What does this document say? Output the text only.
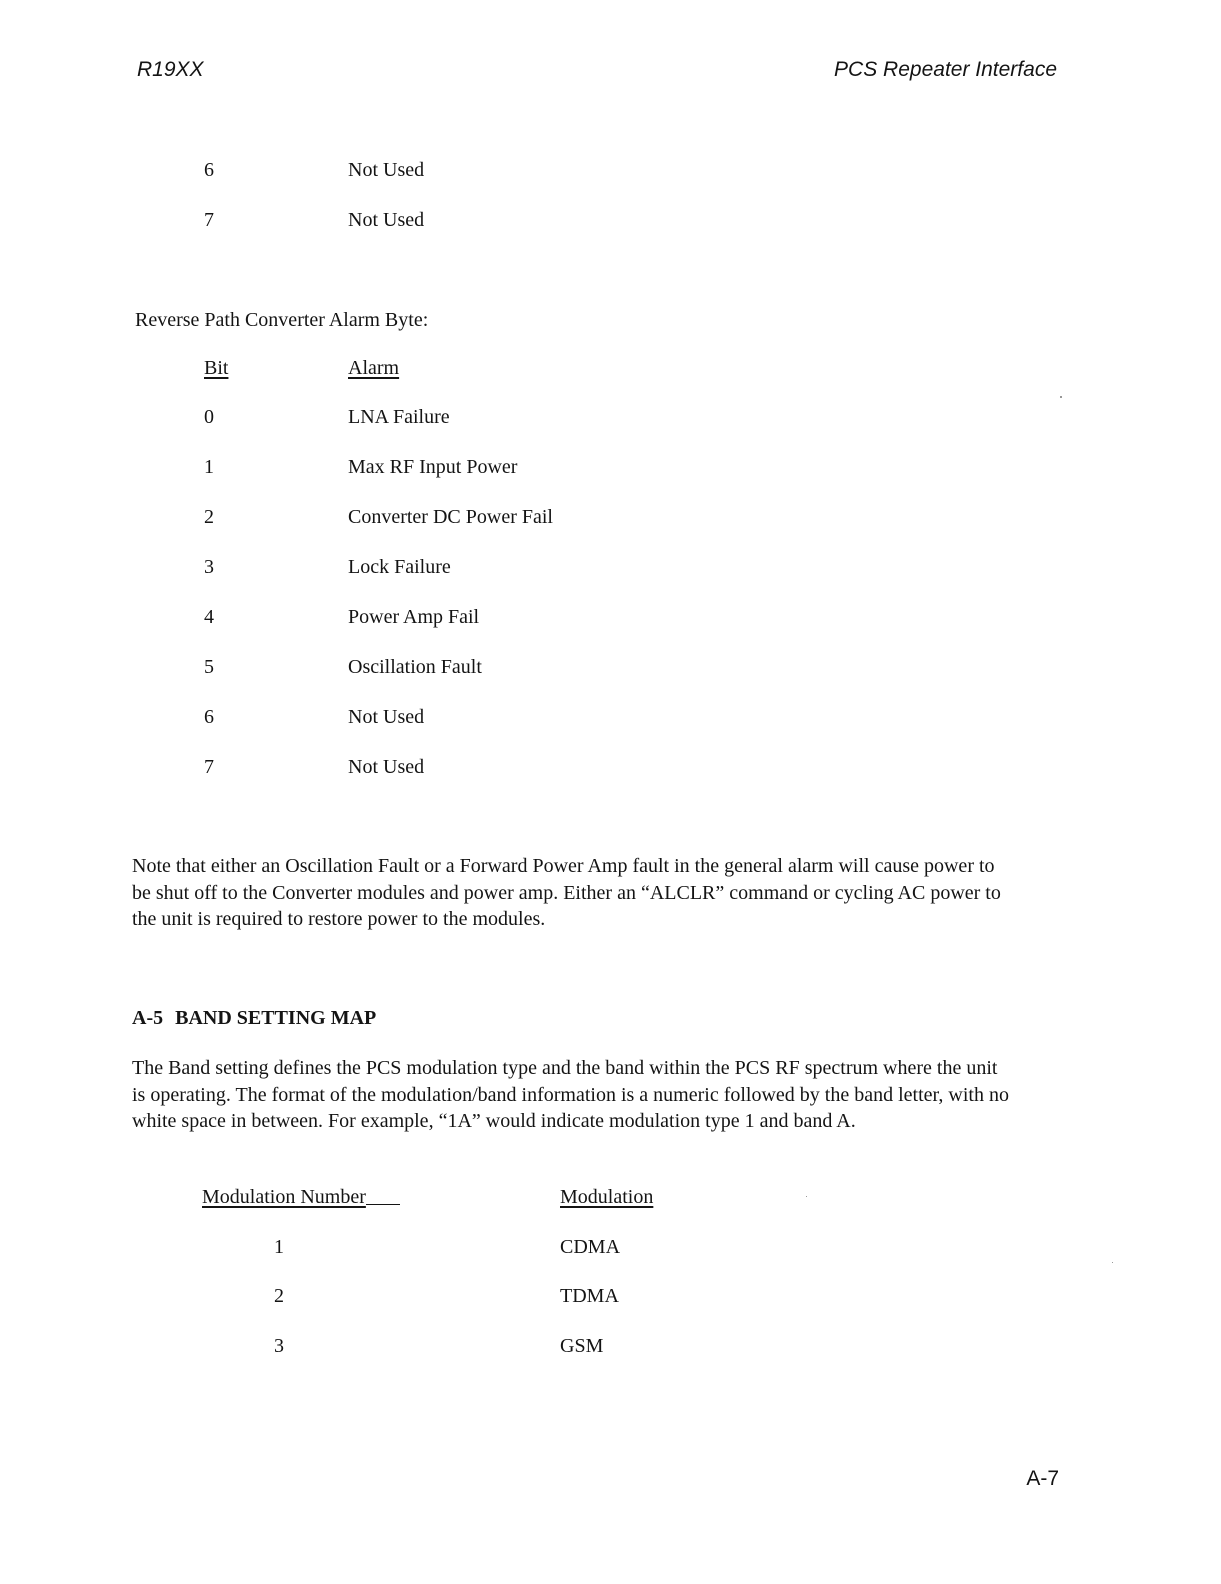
R19XX	PCS Repeater Interface
6	Not Used
7	Not Used
Reverse Path Converter Alarm Byte:
Bit	Alarm
0	LNA Failure
1	Max RF Input Power
2	Converter DC Power Fail
3	Lock Failure
4	Power Amp Fail
5	Oscillation Fault
6	Not Used
7	Not Used
Note that either an Oscillation Fault or a Forward Power Amp fault in the general alarm will cause power to be shut off to the Converter modules and power amp. Either an “ALCLR” command or cycling AC power to the unit is required to restore power to the modules.
A-5 BAND SETTING MAP
The Band setting defines the PCS modulation type and the band within the PCS RF spectrum where the unit is operating. The format of the modulation/band information is a numeric followed by the band letter, with no white space in between. For example, “1A” would indicate modulation type 1 and band A.
Modulation Number	Modulation
1	CDMA
2	TDMA
3	GSM
A-7
